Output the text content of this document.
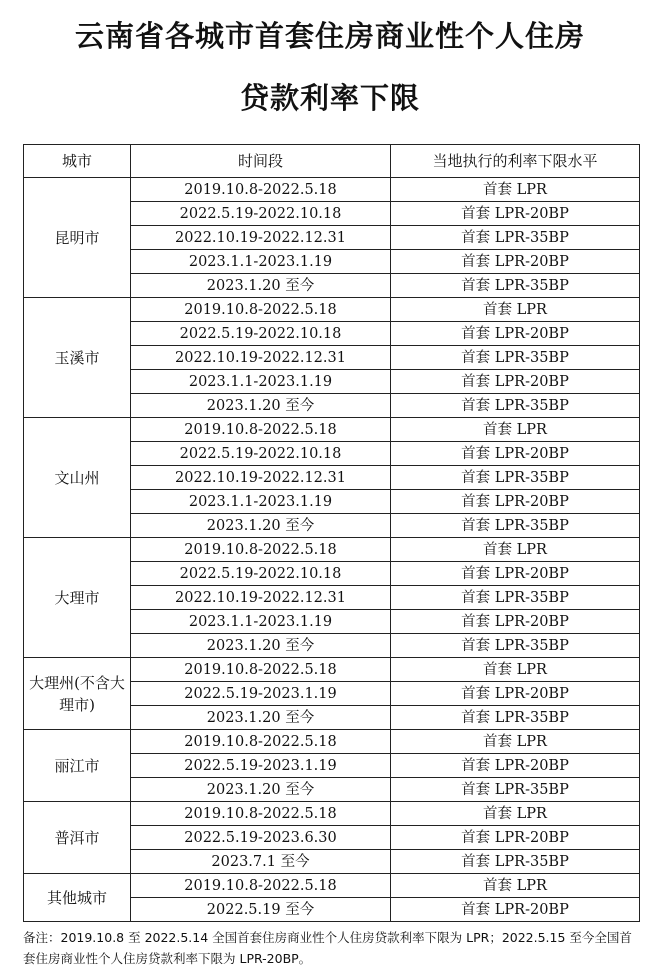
云南省各城市首套住房商业性个人住房
贷款利率下限
城市	时间段	当地执行的利率下限水平
昆明市	2019.10.8-2022.5.18	首套 LPR
	2022.5.19-2022.10.18	首套 LPR-20BP
	2022.10.19-2022.12.31	首套 LPR-35BP
	2023.1.1-2023.1.19	首套 LPR-20BP
	2023.1.20 至今	首套 LPR-35BP
玉溪市	2019.10.8-2022.5.18	首套 LPR
	2022.5.19-2022.10.18	首套 LPR-20BP
	2022.10.19-2022.12.31	首套 LPR-35BP
	2023.1.1-2023.1.19	首套 LPR-20BP
	2023.1.20 至今	首套 LPR-35BP
文山州	2019.10.8-2022.5.18	首套 LPR
	2022.5.19-2022.10.18	首套 LPR-20BP
	2022.10.19-2022.12.31	首套 LPR-35BP
	2023.1.1-2023.1.19	首套 LPR-20BP
	2023.1.20 至今	首套 LPR-35BP
大理市	2019.10.8-2022.5.18	首套 LPR
	2022.5.19-2022.10.18	首套 LPR-20BP
	2022.10.19-2022.12.31	首套 LPR-35BP
	2023.1.1-2023.1.19	首套 LPR-20BP
	2023.1.20 至今	首套 LPR-35BP
大理州(不含大理市)	2019.10.8-2022.5.18	首套 LPR
	2022.5.19-2023.1.19	首套 LPR-20BP
	2023.1.20 至今	首套 LPR-35BP
丽江市	2019.10.8-2022.5.18	首套 LPR
	2022.5.19-2023.1.19	首套 LPR-20BP
	2023.1.20 至今	首套 LPR-35BP
普洱市	2019.10.8-2022.5.18	首套 LPR
	2022.5.19-2023.6.30	首套 LPR-20BP
	2023.7.1 至今	首套 LPR-35BP
其他城市	2019.10.8-2022.5.18	首套 LPR
	2022.5.19 至今	首套 LPR-20BP

备注：2019.10.8 至 2022.5.14 全国首套住房商业性个人住房贷款利率下限为 LPR；2022.5.15 至今全国首套住房商业性个人住房贷款利率下限为 LPR-20BP。
